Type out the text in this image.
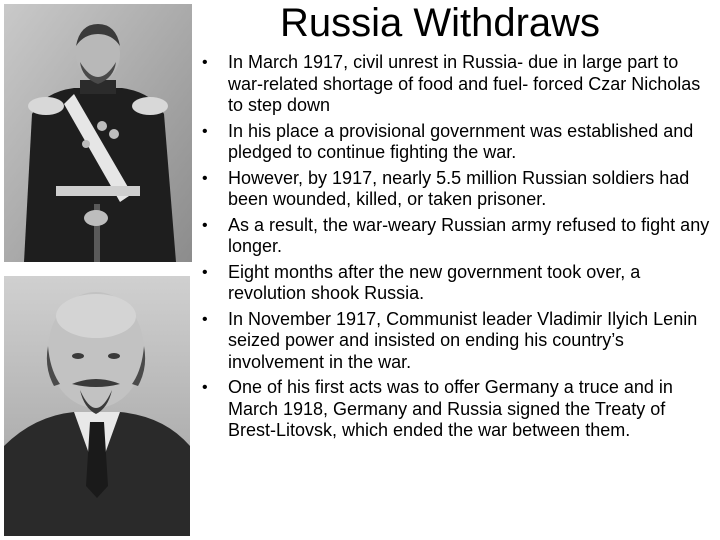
Russia Withdraws
• In March 1917, civil unrest in Russia- due in large part to war-related shortage of food and fuel- forced Czar Nicholas to step down
• In his place a provisional government was established and pledged to continue fighting the war.
• However, by 1917, nearly 5.5 million Russian soldiers had been wounded, killed, or taken prisoner.
• As a result, the war-weary Russian army refused to fight any longer.
• Eight months after the new government took over, a revolution shook Russia.
• In November 1917, Communist leader Vladimir Ilyich Lenin seized power and insisted on ending his country’s involvement in the war.
• One of his first acts was to offer Germany a truce and in March 1918, Germany and Russia signed the Treaty of Brest-Litovsk, which ended the war between them.
